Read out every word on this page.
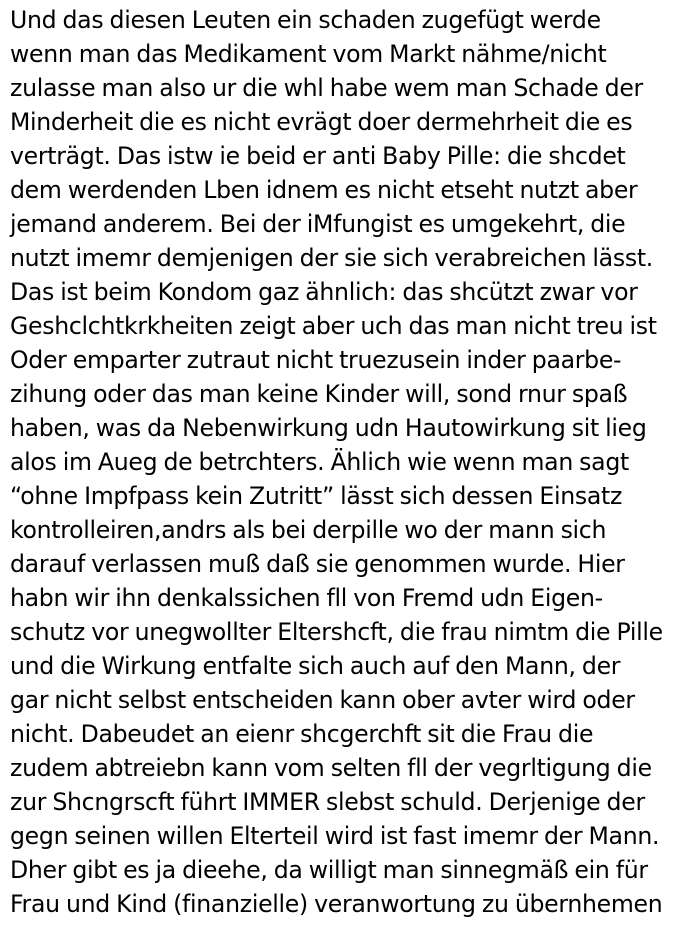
Und das diesen Leuten ein schaden zugefügt werde
wenn man das Medikament vom Markt nähme/nicht
zulasse man also ur die whl habe wem man Schade der
Minderheit die es nicht evrägt doer dermehrheit die es
verträgt. Das istw ie beid er anti Baby Pille: die shcdet
dem werdenden Lben idnem es nicht etseht nutzt aber
jemand anderem. Bei der iMfungist es umgekehrt, die
nutzt imemr demjenigen der sie sich verabreichen lässt.
Das ist beim Kondom gaz ähnlich: das shcützt zwar vor
Geshclchtkrkheiten zeigt aber uch das man nicht treu ist
Oder emparter zutraut nicht truezusein inder paarbe-
zihung oder das man keine Kinder will, sond rnur spaß
haben, was da Nebenwirkung udn Hautowirkung sit lieg
alos im Aueg de betrchters. Ählich wie wenn man sagt
“ohne Impfpass kein Zutritt” lässt sich dessen Einsatz
kontrolleiren,andrs als bei derpille wo der mann sich
darauf verlassen muß daß sie genommen wurde. Hier
habn wir ihn denkalssichen fll von Fremd udn Eigen-
schutz vor unegwollter Eltershcft, die frau nimtm die Pille
und die Wirkung entfalte sich auch auf den Mann, der
gar nicht selbst entscheiden kann ober avter wird oder
nicht. Dabeudet an eienr shcgerchft sit die Frau die
zudem abtreiebn kann vom selten fll der vegrltigung die
zur Shcngrscft führt IMMER slebst schuld. Derjenige der
gegn seinen willen Elterteil wird ist fast imemr der Mann.
Dher gibt es ja dieehe, da willigt man sinnegmäß ein für
Frau und Kind (finanzielle) veranwortung zu übernhemen
